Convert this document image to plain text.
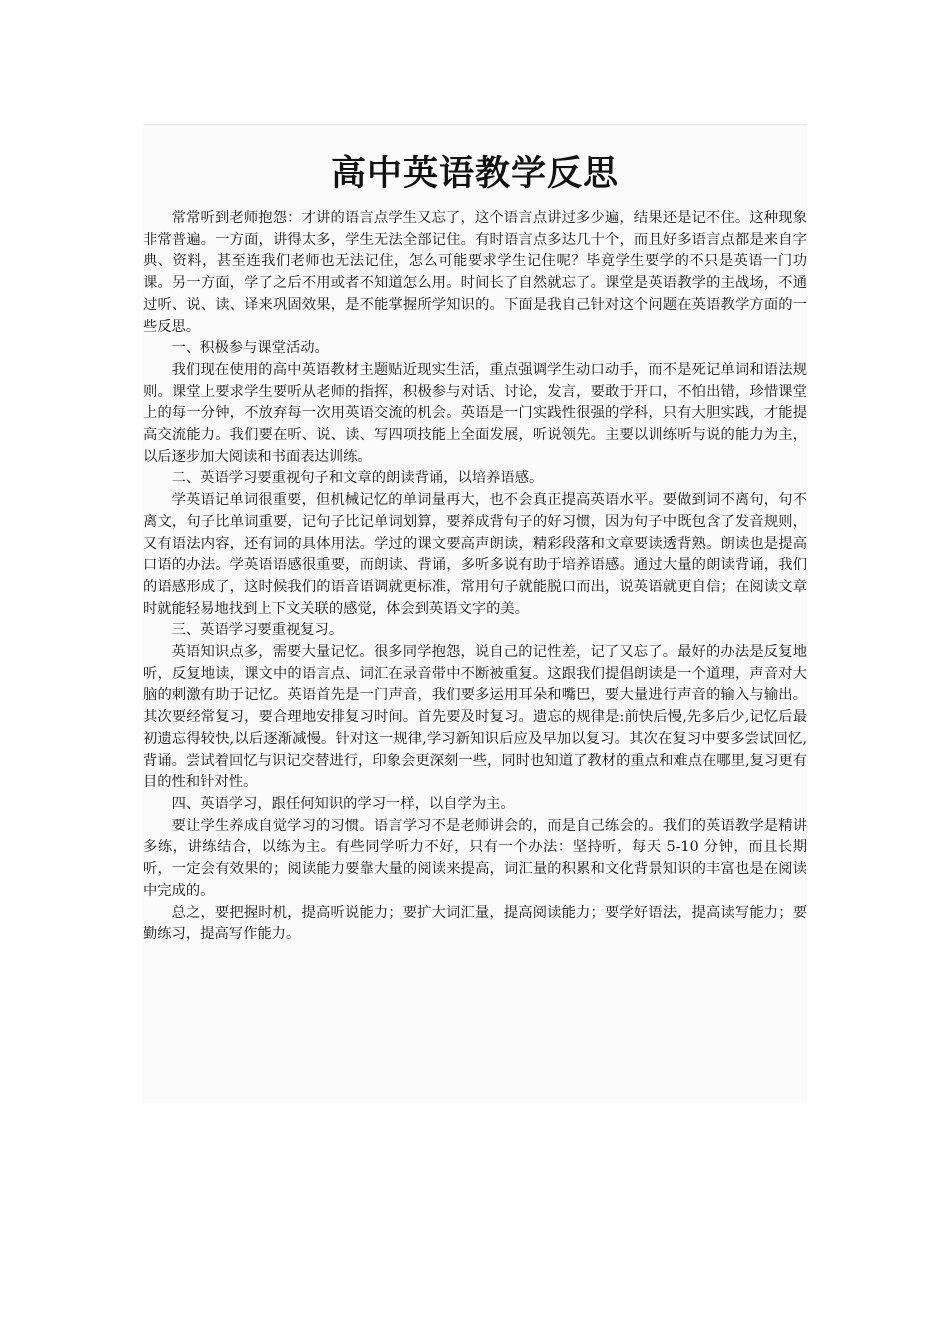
高中英语教学反思

常常听到老师抱怨：才讲的语言点学生又忘了，这个语言点讲过多少遍，结果还是记不住。这种现象非常普遍。一方面，讲得太多，学生无法全部记住。有时语言点多达几十个，而且好多语言点都是来自字典、资料，甚至连我们老师也无法记住，怎么可能要求学生记住呢？毕竟学生要学的不只是英语一门功课。另一方面，学了之后不用或者不知道怎么用。时间长了自然就忘了。课堂是英语教学的主战场，不通过听、说、读、译来巩固效果，是不能掌握所学知识的。下面是我自己针对这个问题在英语教学方面的一些反思。

一、积极参与课堂活动。

我们现在使用的高中英语教材主题贴近现实生活，重点强调学生动口动手，而不是死记单词和语法规则。课堂上要求学生要听从老师的指挥，积极参与对话、讨论，发言，要敢于开口，不怕出错，珍惜课堂上的每一分钟，不放弃每一次用英语交流的机会。英语是一门实践性很强的学科，只有大胆实践，才能提高交流能力。我们要在听、说、读、写四项技能上全面发展，听说领先。主要以训练听与说的能力为主，以后逐步加大阅读和书面表达训练。

二、英语学习要重视句子和文章的朗读背诵，以培养语感。

学英语记单词很重要，但机械记忆的单词量再大，也不会真正提高英语水平。要做到词不离句，句不离文，句子比单词重要，记句子比记单词划算，要养成背句子的好习惯，因为句子中既包含了发音规则，又有语法内容，还有词的具体用法。学过的课文要高声朗读，精彩段落和文章要读透背熟。朗读也是提高口语的办法。学英语语感很重要，而朗读、背诵，多听多说有助于培养语感。通过大量的朗读背诵，我们的语感形成了，这时候我们的语音语调就更标准，常用句子就能脱口而出，说英语就更自信；在阅读文章时就能轻易地找到上下文关联的感觉，体会到英语文字的美。

三、英语学习要重视复习。

英语知识点多，需要大量记忆。很多同学抱怨，说自己的记性差，记了又忘了。最好的办法是反复地听，反复地读，课文中的语言点、词汇在录音带中不断被重复。这跟我们提倡朗读是一个道理，声音对大脑的刺激有助于记忆。英语首先是一门声音，我们要多运用耳朵和嘴巴，要大量进行声音的输入与输出。其次要经常复习，要合理地安排复习时间。首先要及时复习。遗忘的规律是:前快后慢,先多后少,记忆后最初遗忘得较快,以后逐渐减慢。针对这一规律,学习新知识后应及早加以复习。其次在复习中要多尝试回忆,背诵。尝试着回忆与识记交替进行，印象会更深刻一些，同时也知道了教材的重点和难点在哪里,复习更有目的性和针对性。

四、英语学习，跟任何知识的学习一样，以自学为主。

要让学生养成自觉学习的习惯。语言学习不是老师讲会的，而是自己练会的。我们的英语教学是精讲多练，讲练结合，以练为主。有些同学听力不好，只有一个办法：坚持听，每天 5-10 分钟，而且长期听，一定会有效果的；阅读能力要靠大量的阅读来提高，词汇量的积累和文化背景知识的丰富也是在阅读中完成的。

总之，要把握时机，提高听说能力；要扩大词汇量，提高阅读能力；要学好语法，提高读写能力；要勤练习，提高写作能力。
